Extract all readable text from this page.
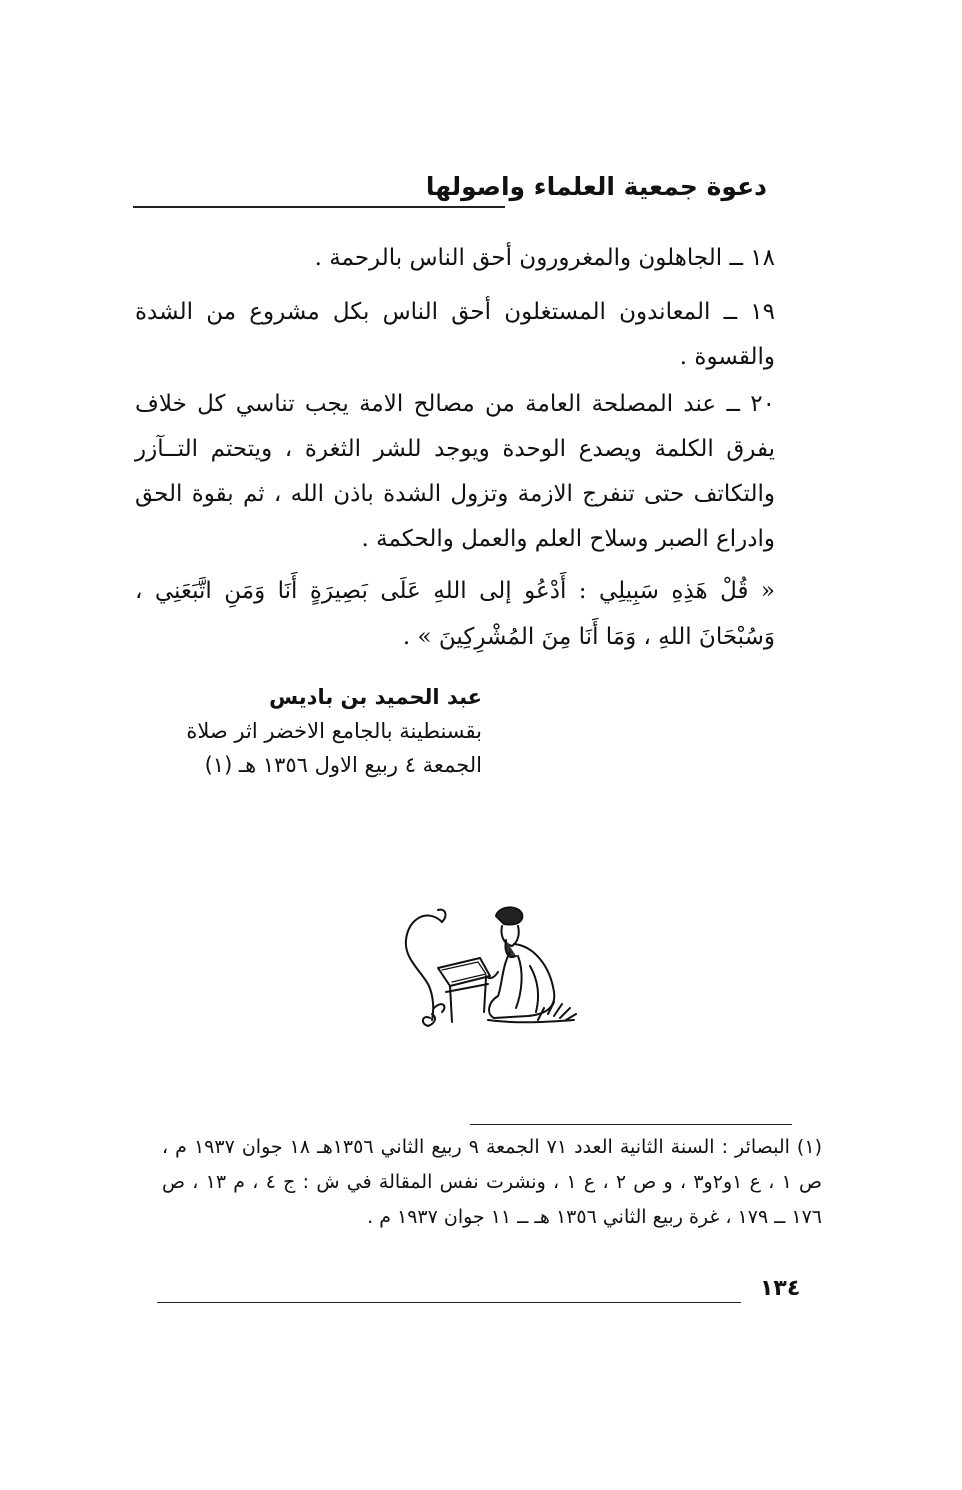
دعوة جمعية العلماء واصولها
١٨ ــ الجاهلون والمغرورون أحق الناس بالرحمة .
١٩ ــ المعاندون المستغلون أحق الناس بكل مشروع من الشدة والقسوة .
٢٠ ــ عند المصلحة العامة من مصالح الامة يجب تناسي كل خلاف يفرق الكلمة ويصدع الوحدة ويوجد للشر الثغرة ، ويتحتم التــآزر والتكاتف حتى تنفرج الازمة وتزول الشدة باذن الله ، ثم بقوة الحق وادراع الصبر وسلاح العلم والعمل والحكمة .
« قُلْ هَذِهِ سَبِيلِي : أَدْعُو إلى اللهِ عَلَى بَصِيرَةٍ أَنَا وَمَنِ اتَّبَعَنِي ، وَسُبْحَانَ اللهِ ، وَمَا أَنَا مِنَ المُشْرِكِينَ » .
عبد الحميد بن باديس
بقسنطينة بالجامع الاخضر اثر صلاة
الجمعة ٤ ربيع الاول ١٣٥٦ هـ (١)
(١) البصائر : السنة الثانية العدد ٧١ الجمعة ٩ ربيع الثاني ١٣٥٦هـ ١٨ جوان ١٩٣٧ م ، ص ١ ، ع ١و٢و٣ ، و ص ٢ ، ع ١ ، ونشرت نفس المقالة في ش : ج ٤ ، م ١٣ ، ص ١٧٦ ــ ١٧٩ ، غرة ربيع الثاني ١٣٥٦ هـ ــ ١١ جوان ١٩٣٧ م .
١٣٤
